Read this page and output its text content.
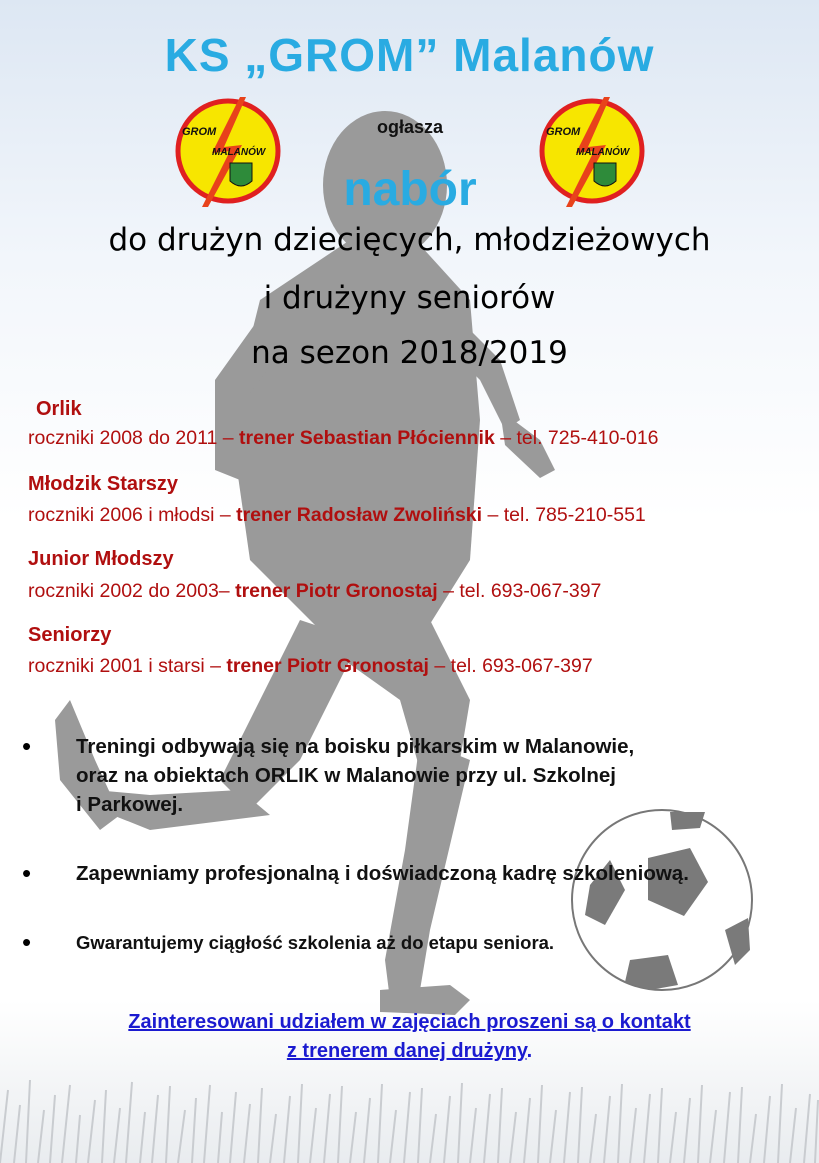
KS „GROM” Malanów
GROM
MALANÓW
GROM
MALANÓW
ogłasza
nabór
do drużyn dziecięcych, młodzieżowych
i drużyny seniorów
na sezon 2018/2019
Orlik
roczniki 2008 do 2011 – trener Sebastian Płóciennik – tel. 725-410-016
Młodzik Starszy
roczniki 2006 i młodsi – trener Radosław Zwoliński – tel. 785-210-551
Junior Młodszy
roczniki 2002 do 2003– trener Piotr Gronostaj – tel. 693-067-397
Seniorzy
roczniki 2001 i starsi – trener Piotr Gronostaj – tel. 693-067-397
• Treningi odbywają się na boisku piłkarskim w Malanowie,
oraz na obiektach ORLIK w Malanowie przy ul. Szkolnej
i Parkowej.
• Zapewniamy profesjonalną i doświadczoną kadrę szkoleniową.
• Gwarantujemy ciągłość szkolenia aż do etapu seniora.
Zainteresowani udziałem w zajęciach proszeni są o kontakt
z trenerem danej drużyny.
